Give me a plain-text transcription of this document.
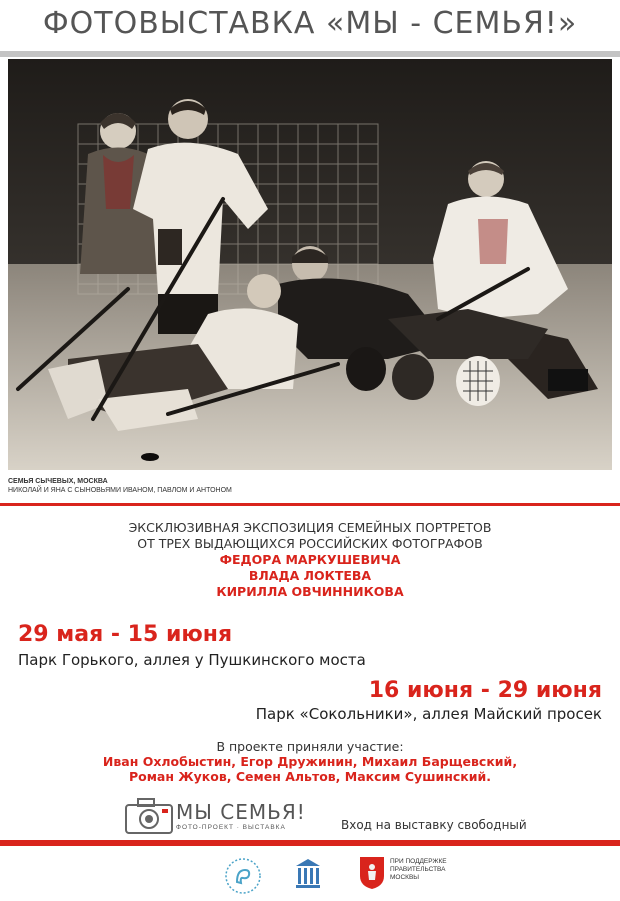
ФОТОВЫСТАВКА «МЫ - СЕМЬЯ!»
СЕМЬЯ СЫЧЕВЫХ, МОСКВА
НИКОЛАЙ И ЯНА С СЫНОВЬЯМИ ИВАНОМ, ПАВЛОМ И АНТОНОМ
ЭКСКЛЮЗИВНАЯ ЭКСПОЗИЦИЯ СЕМЕЙНЫХ ПОРТРЕТОВ
ОТ ТРЕХ ВЫДАЮЩИХСЯ РОССИЙСКИХ ФОТОГРАФОВ
ФЕДОРА МАРКУШЕВИЧА
ВЛАДА ЛОКТЕВА
КИРИЛЛА ОВЧИННИКОВА
29 мая - 15 июня
Парк Горького, аллея у Пушкинского моста
16 июня - 29 июня
Парк «Сокольники», аллея Майский просек
В проекте приняли участие:
Иван Охлобыстин, Егор Дружинин, Михаил Барщевский,
Роман Жуков, Семен Альтов, Максим Сушинский.
МЫ СЕМЬЯ!
ФОТО-ПРОЕКТ · ВЫСТАВКА	Вход на выставку свободный
ПРИ ПОДДЕРЖКЕ
ПРАВИТЕЛЬСТВА
МОСКВЫ
